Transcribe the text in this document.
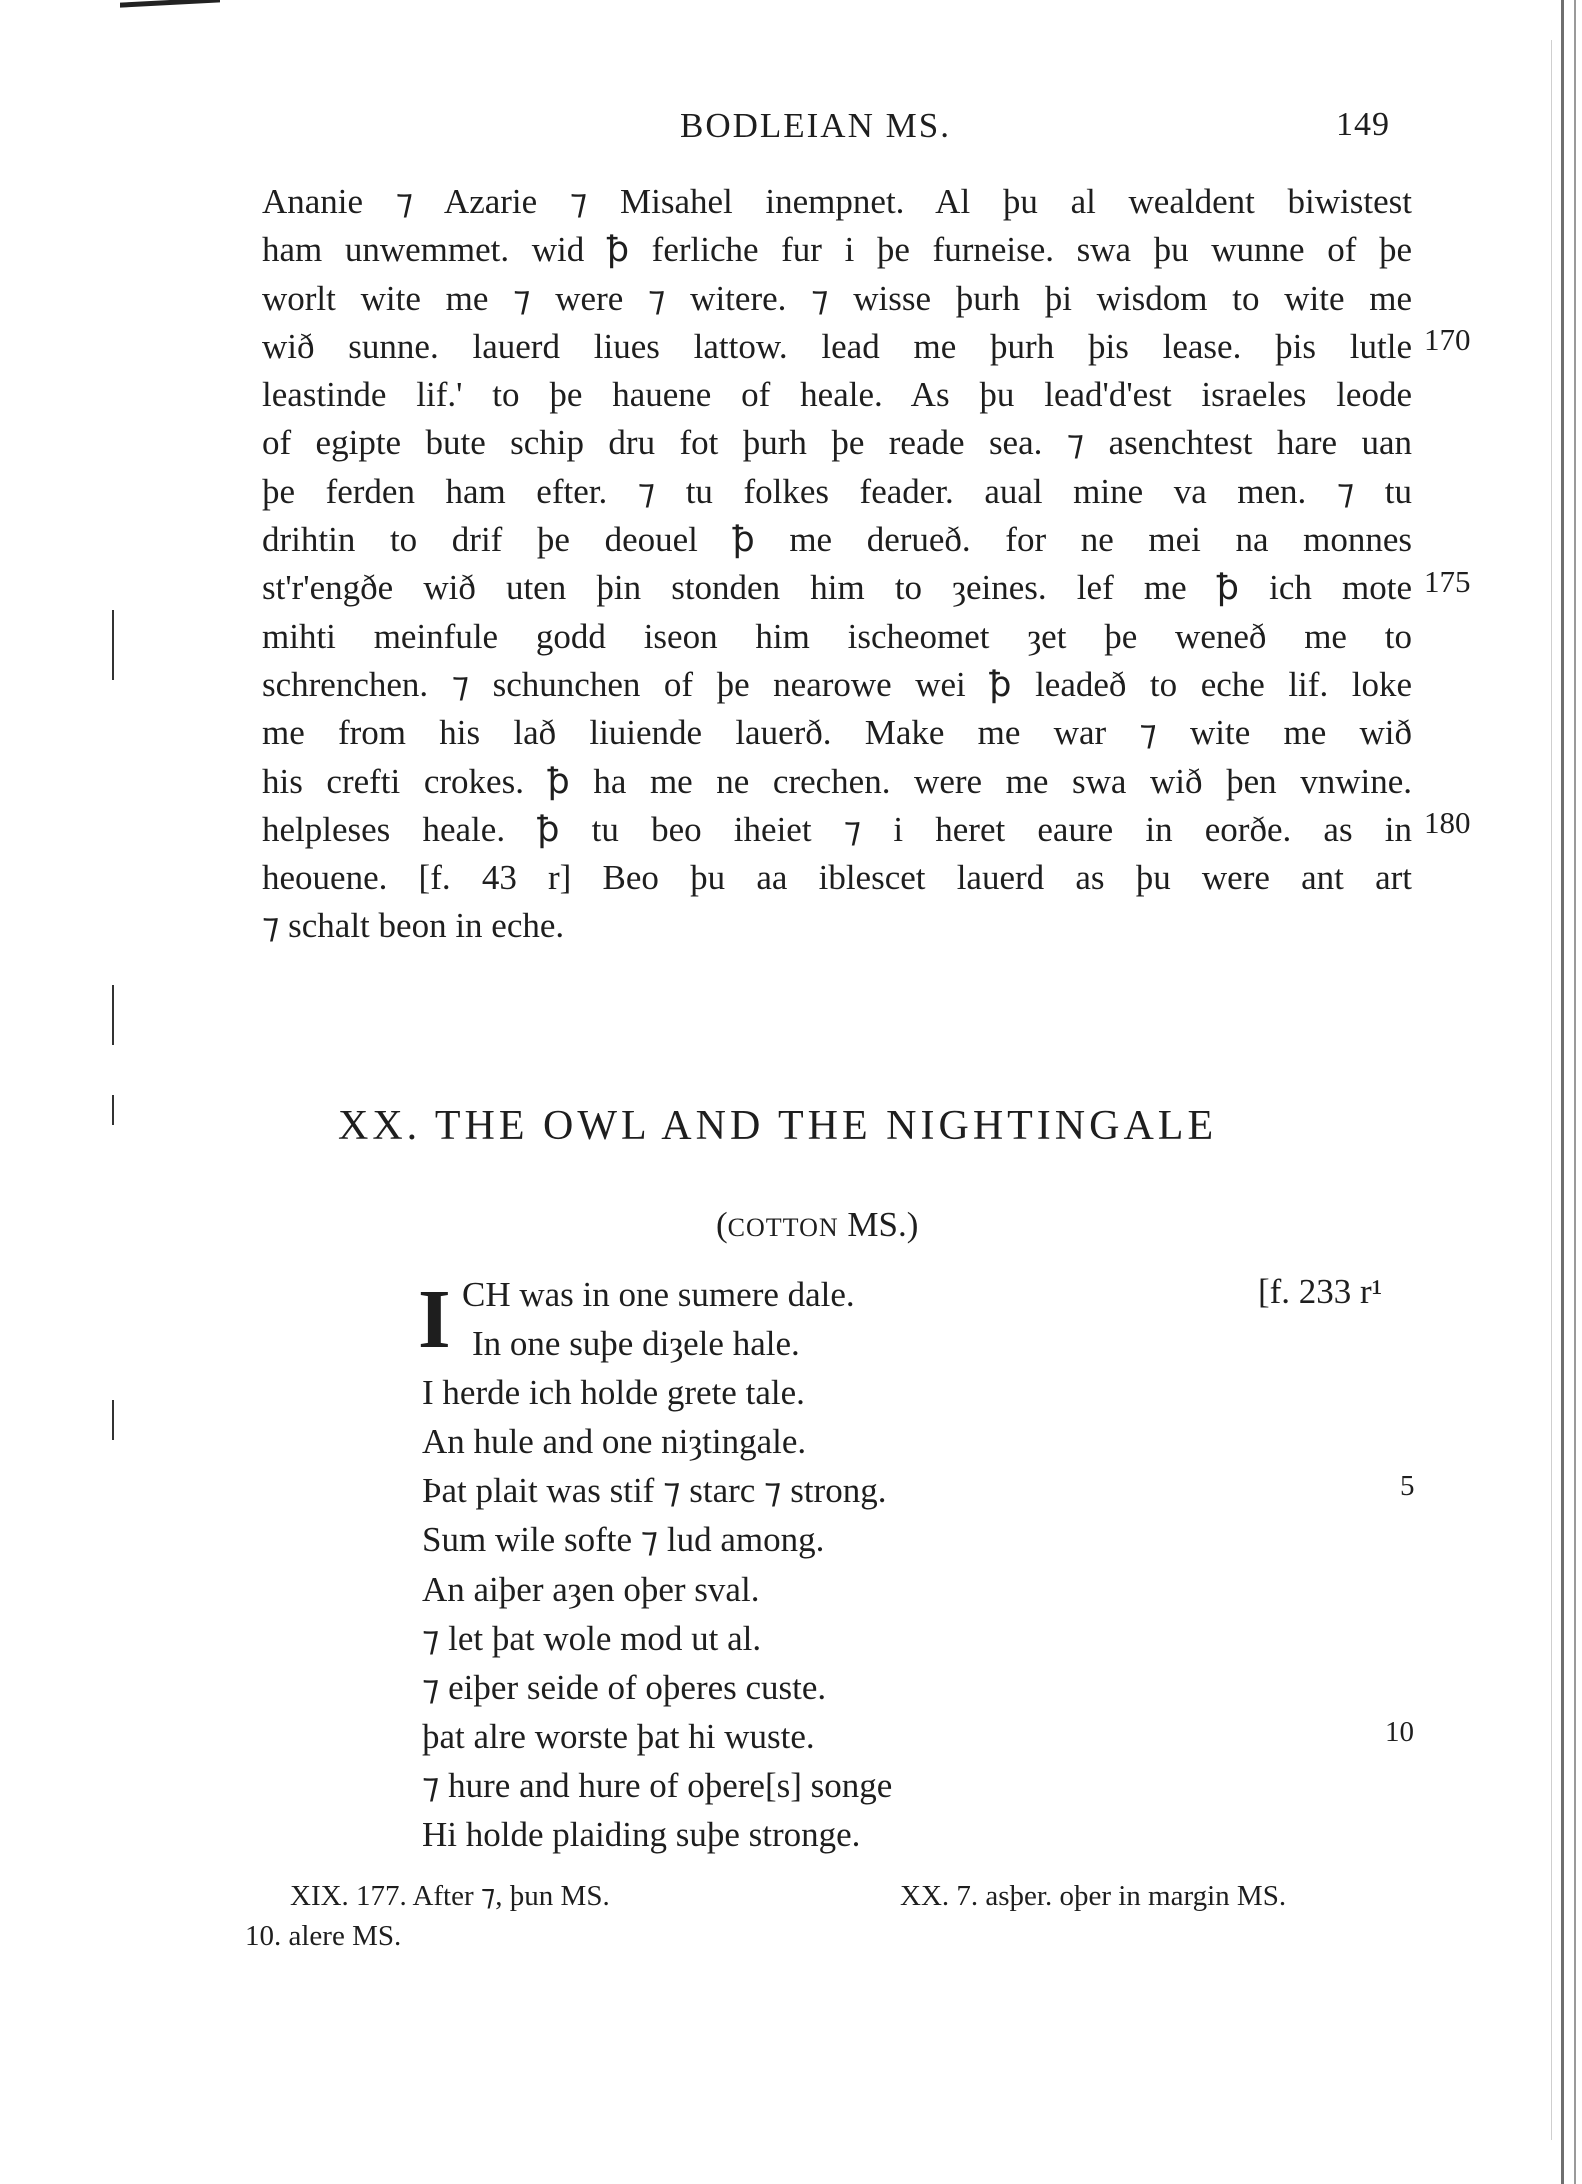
BODLEIAN MS.	149
Ananie ⁊ Azarie ⁊ Misahel inempnet. Al þu al wealdent biwistest
ham unwemmet. wid ꝥ ferliche fur i þe furneise. swa þu wunne of þe
worlt wite me ⁊ were ⁊ witere. ⁊ wisse þurh þi wisdom to wite me
wið sunne. lauerd liues lattow. lead me þurh þis lease. þis lutle
leastinde lif.' to þe hauene of heale. As þu lead'd'est israeles leode
of egipte bute schip dru fot þurh þe reade sea. ⁊ asenchtest hare uan
þe ferden ham efter. ⁊ tu folkes feader. aual mine va men. ⁊ tu
drihtin to drif þe deouel ꝥ me derueð. for ne mei na monnes
st'r'engðe wið uten þin stonden him to ȝeines. lef me ꝥ ich mote
mihti meinfule godd iseon him ischeomet ȝet þe weneð me to
schrenchen. ⁊ schunchen of þe nearowe wei ꝥ leadeð to eche lif. loke
me from his lað liuiende lauerð. Make me war ⁊ wite me wið
his crefti crokes. ꝥ ha me ne crechen. were me swa wið þen vnwine.
helpleses heale. ꝥ tu beo iheiet ⁊ i heret eaure in eorðe. as in
heouene. [f. 43 r] Beo þu aa iblescet lauerd as þu were ant art
⁊ schalt beon in eche.
170
175
180
XX. THE OWL AND THE NIGHTINGALE
(COTTON MS.)
[f. 233 r¹
I CH was in one sumere dale.
In one suþe diȝele hale.
I herde ich holde grete tale.
An hule and one niȝtingale.
Þat plait was stif ⁊ starc ⁊ strong.
Sum wile softe ⁊ lud among.
An aiþer aȝen oþer sval.
⁊ let þat wole mod ut al.
⁊ eiþer seide of oþeres custe.
þat alre worste þat hi wuste.
⁊ hure and hure of oþere[s] songe
Hi holde plaiding suþe stronge.
5
10
XIX. 177. After ⁊, þun MS.	XX. 7. asþer. oþer in margin MS.
10. alere MS.
